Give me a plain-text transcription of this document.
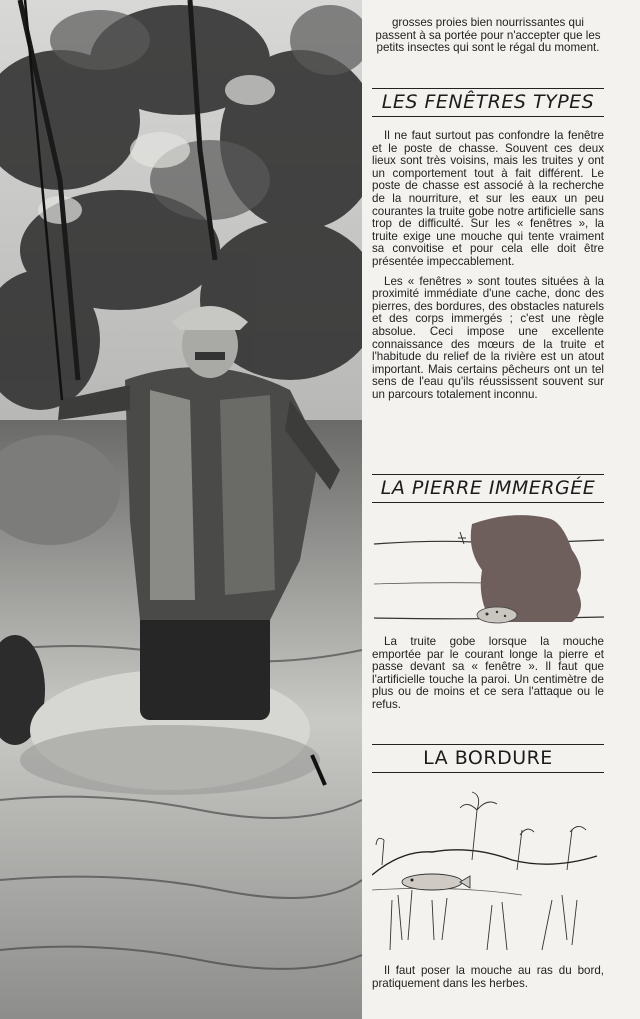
grosses proies bien nourrissantes qui passent à sa portée pour n'accepter que les petits insectes qui sont le régal du moment.

LES FENÊTRES TYPES

Il ne faut surtout pas confondre la fenêtre et le poste de chasse. Souvent ces deux lieux sont très voisins, mais les truites y ont un comportement tout à fait différent. Le poste de chasse est associé à la recherche de la nourriture, et sur les eaux un peu courantes la truite gobe notre artificielle sans trop de difficulté. Sur les « fenêtres », la truite exige une mouche qui tente vraiment sa convoitise et pour cela elle doit être présentée impeccablement.

Les « fenêtres » sont toutes situées à la proximité immédiate d'une cache, donc des pierres, des bordures, des obstacles naturels et des corps immergés ; c'est une règle absolue. Ceci impose une excellente connaissance des mœurs de la truite et l'habitude du relief de la rivière est un atout important. Mais certains pêcheurs ont un tel sens de l'eau qu'ils réussissent souvent sur un parcours totalement inconnu.

LA PIERRE IMMERGÉE

La truite gobe lorsque la mouche emportée par le courant longe la pierre et passe devant sa « fenêtre ». Il faut que l'artificielle touche la paroi. Un centimètre de plus ou de moins et ce sera l'attaque ou le refus.

LA BORDURE

Il faut poser la mouche au ras du bord, pratiquement dans les herbes.
